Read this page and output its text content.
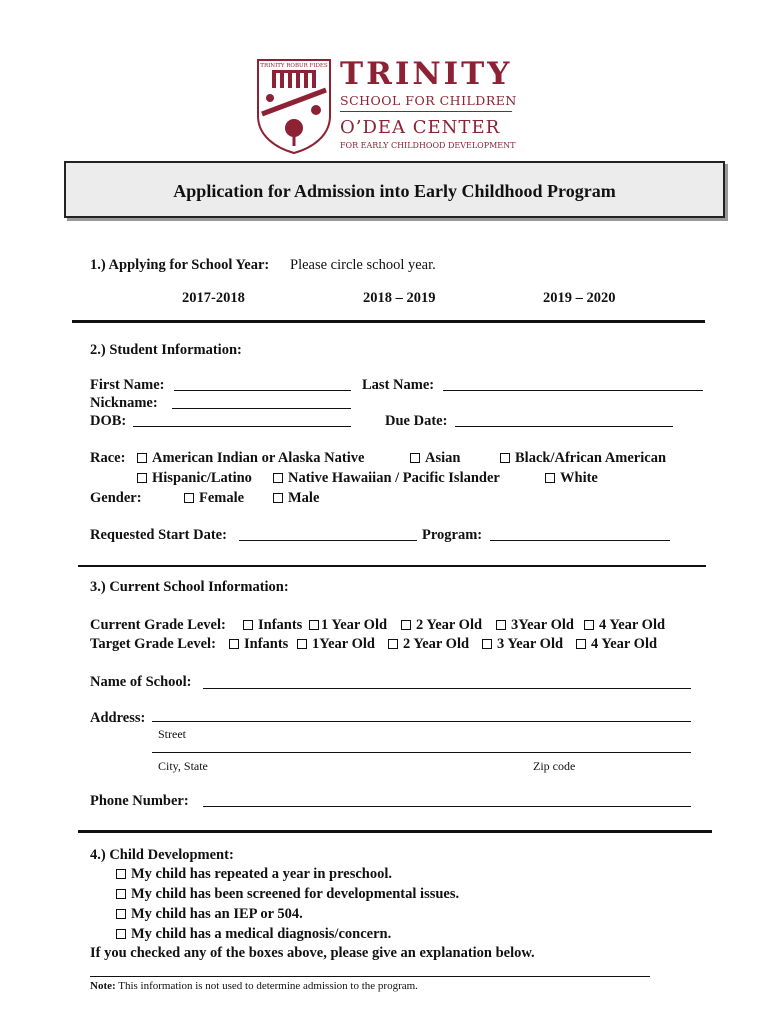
TRINITY ROBUR FIDES TRINITY
SCHOOL FOR CHILDREN
O’DEA CENTER
FOR EARLY CHILDHOOD DEVELOPMENT
Application for Admission into Early Childhood Program
1.) Applying for School Year: Please circle school year.
2017-2018	2018 – 2019	2019 – 2020
2.) Student Information:
First Name:	Last Name:
Nickname:
DOB:	Due Date:
Race:	American Indian or Alaska Native	Asian	Black/African American
Hispanic/Latino	Native Hawaiian / Pacific Islander	White
Gender:	Female	Male
Requested Start Date:	Program:
3.) Current School Information:
Current Grade Level:	Infants	1 Year Old	2 Year Old	3Year Old	4 Year Old
Target Grade Level:	Infants	1Year Old	2 Year Old	3 Year Old	4 Year Old
Name of School:
Address:
Street
City, State	Zip code
Phone Number:
4.) Child Development:
My child has repeated a year in preschool.
My child has been screened for developmental issues.
My child has an IEP or 504.
My child has a medical diagnosis/concern.
If you checked any of the boxes above, please give an explanation below.
Note: This information is not used to determine admission to the program.
